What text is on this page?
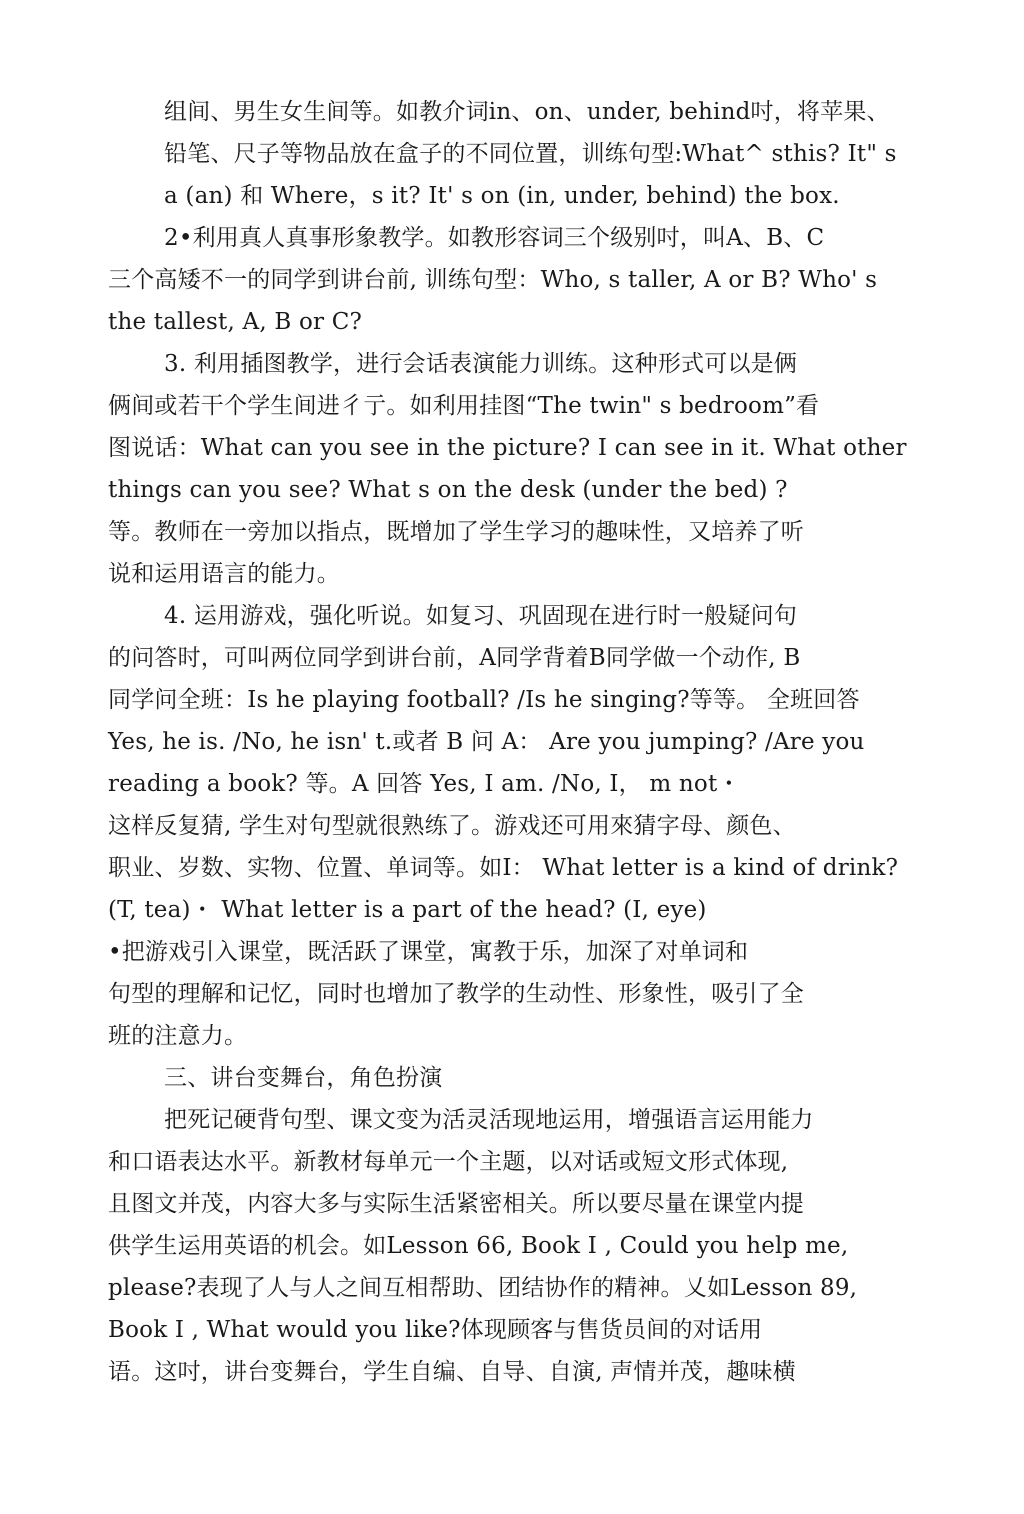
组间、男生女生间等。如教介词in、on、under, behind吋，将苹果、
铅笔、尺子等物品放在盒子的不同位置，训练句型:What^ sthis? It" s
a (an) 和 Where，s it? It' s on (in, under, behind) the box.
2•利用真人真事形象教学。如教形容词三个级别吋，叫A、B、C
三个高矮不一的同学到讲台前, 训练句型：Who, s taller, A or B? Who' s
the tallest, A, B or C?
3. 利用插图教学，进行会话表演能力训练。这种形式可以是俩
俩间或若干个学生间进彳亍。如利用挂图“The twin" s bedroom”看
图说话：What can you see in the picture? I can see in it. What other
things can you see? What s on the desk (under the bed) ?
等。教师在一旁加以指点，既增加了学生学习的趣味性，又培养了听
说和运用语言的能力。
4. 运用游戏，强化听说。如复习、巩固现在进行时一般疑问句
的问答时，可叫两位同学到讲台前，A同学背着B同学做一个动作, B
同学问全班：Is he playing football? /Is he singing?等等。 全班回答
Yes, he is. /No, he isn' t.或者 B 问 A： Are you jumping? /Are you
reading a book? 等。A 回答 Yes, I am. /No, I， m not・
这样反复猜, 学生对句型就很熟练了。游戏还可用來猜字母、颜色、
职业、岁数、实物、位置、单词等。如I： What letter is a kind of drink?
(T, tea)・ What letter is a part of the head? (I, eye)
•把游戏引入课堂，既活跃了课堂，寓教于乐，加深了对单词和
句型的理解和记忆，同时也增加了教学的生动性、形象性，吸引了全
班的注意力。
三、讲台变舞台，角色扮演
把死记硬背句型、课文变为活灵活现地运用，增强语言运用能力
和口语表达水平。新教材每单元一个主题，以对话或短文形式体现,
且图文并茂，内容大多与实际生活紧密相关。所以要尽量在课堂内提
供学生运用英语的机会。如Lesson 66, Book I , Could you help me,
please?表现了人与人之间互相帮助、团结协作的精神。乂如Lesson 89,
Book I , What would you like?体现顾客与售货员间的对话用
语。这吋，讲台变舞台，学生自编、自导、自演, 声情并茂，趣味横
